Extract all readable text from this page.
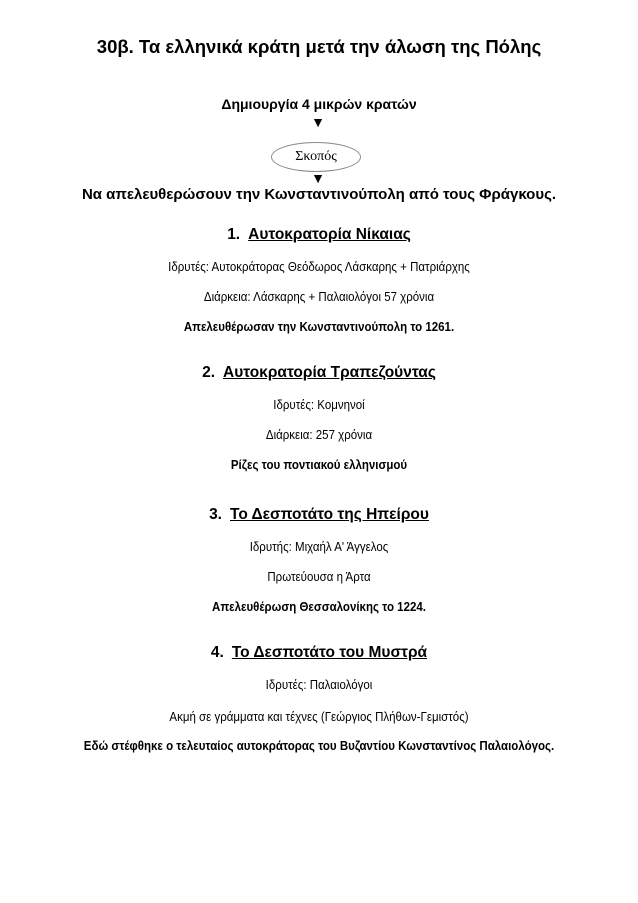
30β. Τα ελληνικά κράτη μετά την άλωση της Πόλης
Δημιουργία 4 μικρών κρατών
▼
Σκοπός
▼
Να απελευθερώσουν την Κωνσταντινούπολη από τους Φράγκους.
1. Αυτοκρατορία Νίκαιας
Ιδρυτές: Αυτοκράτορας Θεόδωρος Λάσκαρης + Πατριάρχης
Διάρκεια: Λάσκαρης + Παλαιολόγοι 57 χρόνια
Απελευθέρωσαν την Κωνσταντινούπολη το 1261.
2. Αυτοκρατορία Τραπεζούντας
Ιδρυτές: Κομνηνοί
Διάρκεια: 257 χρόνια
Ρίζες του ποντιακού ελληνισμού
3. Το Δεσποτάτο της Ηπείρου
Ιδρυτής: Μιχαήλ Α' Άγγελος
Πρωτεύουσα η Άρτα
Απελευθέρωση Θεσσαλονίκης το 1224.
4. Το Δεσποτάτο του Μυστρά
Ιδρυτές: Παλαιολόγοι
Ακμή σε γράμματα και τέχνες (Γεώργιος Πλήθων-Γεμιστός)
Εδώ στέφθηκε ο τελευταίος αυτοκράτορας του Βυζαντίου Κωνσταντίνος Παλαιολόγος.
